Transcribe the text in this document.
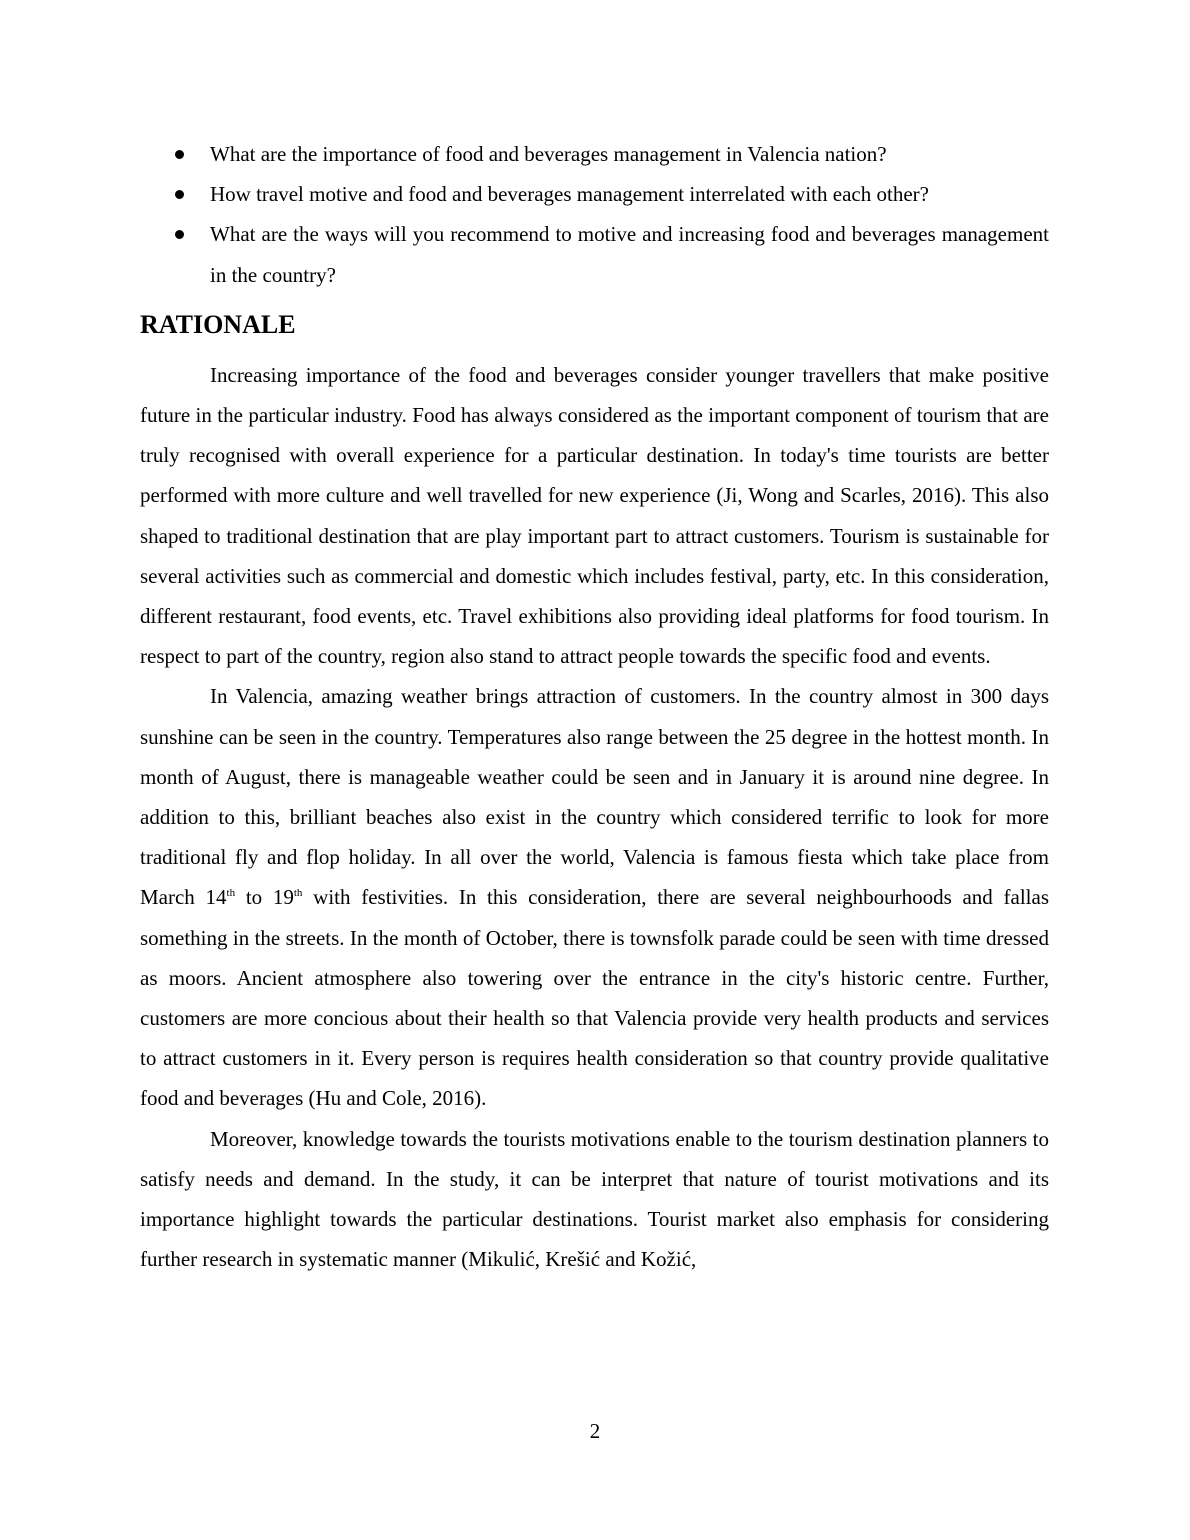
What are the importance of food and beverages management in Valencia nation?
How travel motive and food and beverages management interrelated with each other?
What are the ways will you recommend to motive and increasing food and beverages management in the country?
RATIONALE

Increasing importance of the food and beverages consider younger travellers that make positive future in the particular industry. Food has always considered as the important component of tourism that are truly recognised with overall experience for a particular destination. In today's time tourists are better performed with more culture and well travelled for new experience (Ji, Wong and Scarles, 2016). This also shaped to traditional destination that are play important part to attract customers. Tourism is sustainable for several activities such as commercial and domestic which includes festival, party, etc. In this consideration, different restaurant, food events, etc. Travel exhibitions also providing ideal platforms for food tourism. In respect to part of the country, region also stand to attract people towards the specific food and events.

In Valencia, amazing weather brings attraction of customers. In the country almost in 300 days sunshine can be seen in the country. Temperatures also range between the 25 degree in the hottest month. In month of August, there is manageable weather could be seen and in January it is around nine degree. In addition to this, brilliant beaches also exist in the country which considered terrific to look for more traditional fly and flop holiday. In all over the world, Valencia is famous fiesta which take place from March 14th to 19th with festivities. In this consideration, there are several neighbourhoods and fallas something in the streets. In the month of October, there is townsfolk parade could be seen with time dressed as moors. Ancient atmosphere also towering over the entrance in the city's historic centre. Further, customers are more concious about their health so that Valencia provide very health products and services to attract customers in it. Every person is requires health consideration so that country provide qualitative food and beverages (Hu and Cole, 2016).

Moreover, knowledge towards the tourists motivations enable to the tourism destination planners to satisfy needs and demand. In the study, it can be interpret that nature of tourist motivations and its importance highlight towards the particular destinations. Tourist market also emphasis for considering further research in systematic manner (Mikulić, Krešić and Kožić,

2
